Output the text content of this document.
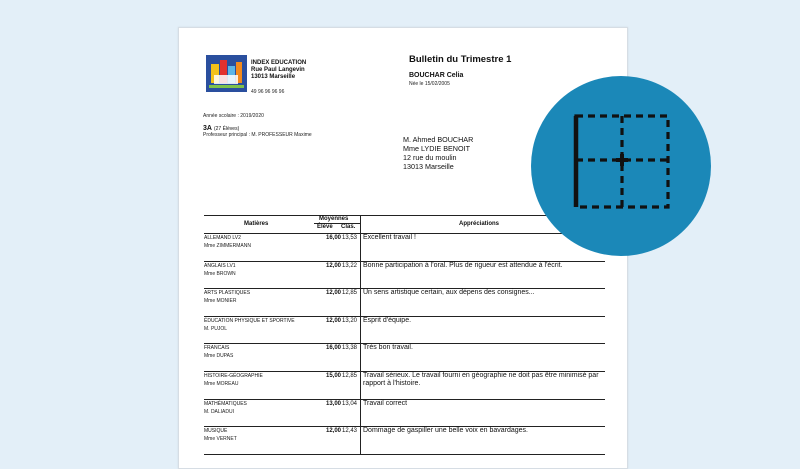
INDEX EDUCATION
Rue Paul Langevin
13013 Marseille
49 96 96 96 96
Bulletin du Trimestre 1
BOUCHAR Celia
Née le 15/02/2005
Année scolaire : 2019/2020
3A (27 Élèves)
Professeur principal : M. PROFESSEUR Maxime	M. Ahmed BOUCHAR
Mme LYDIE BENOIT
12 rue du moulin
13013 Marseille
Matières
Moyennes
Élève Clas.	Appréciations
ALLEMAND LV2
Mme ZIMMERMANN
16,00 13,53 Excellent travail !
ANGLAIS LV1
Mme BROWN
12,00 13,22 Bonne participation à l'oral. Plus de rigueur est attendue à l'écrit.
ARTS PLASTIQUES
Mme MONIER
12,00 12,85 Un sens artistique certain, aux dépens des consignes...
ÉDUCATION PHYSIQUE ET SPORTIVE
M. PUJOL
12,00 13,20 Esprit d'équipe.
FRANCAIS
Mme DUPAS
16,00 13,38 Très bon travail.
HISTOIRE-GÉOGRAPHIE
Mme MOREAU
15,00 12,85 Travail sérieux. Le travail fourni en géographie ne doit pas être minimisé par rapport à l'histoire.
MATHÉMATIQUES
M. DALIADUI
13,00 13,04 Travail correct
MUSIQUE
Mme VERNET
12,00 12,43 Dommage de gaspiller une belle voix en bavardages.
